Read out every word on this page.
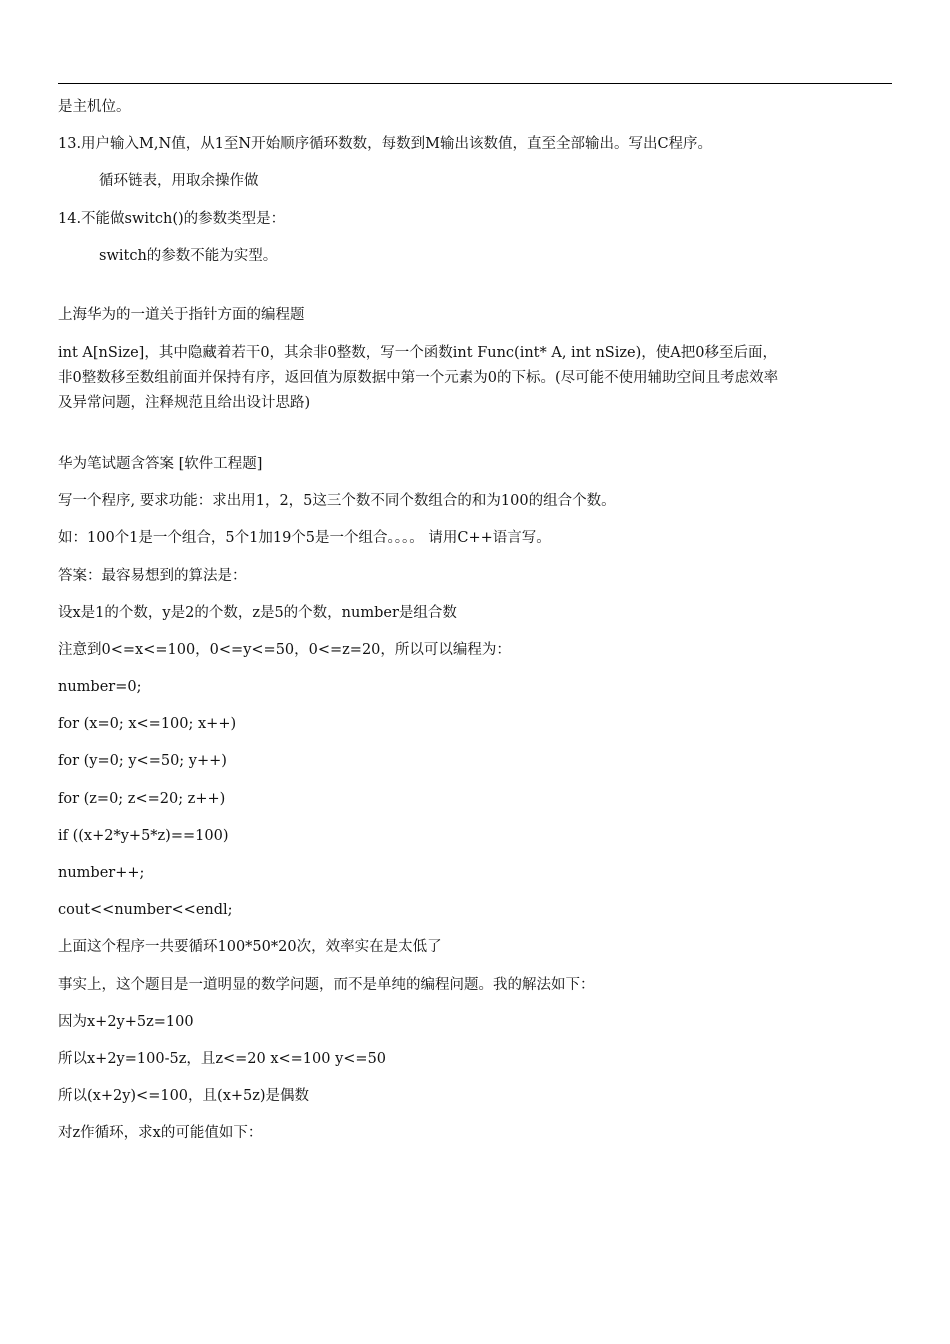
是主机位。
13.用户输入M,N值，从1至N开始顺序循环数数，每数到M输出该数值，直至全部输出。写出C程序。
循环链表，用取余操作做
14.不能做switch()的参数类型是：
switch的参数不能为实型。
上海华为的一道关于指针方面的编程题
int A[nSize]，其中隐藏着若干0，其余非0整数，写一个函数int Func(int* A, int nSize)，使A把0移至后面，
非0整数移至数组前面并保持有序，返回值为原数据中第一个元素为0的下标。(尽可能不使用辅助空间且考虑效率
及异常问题，注释规范且给出设计思路)
华为笔试题含答案 [软件工程题]
写一个程序, 要求功能：求出用1，2，5这三个数不同个数组合的和为100的组合个数。
如：100个1是一个组合，5个1加19个5是一个组合。。。。 请用C++语言写。
答案：最容易想到的算法是：
设x是1的个数，y是2的个数，z是5的个数，number是组合数
注意到0<=x<=100，0<=y<=50，0<=z=20，所以可以编程为：
number=0;
for (x=0; x<=100; x++)
for (y=0; y<=50; y++)
for (z=0; z<=20; z++)
if ((x+2*y+5*z)==100)
number++;
cout<<number<<endl;
上面这个程序一共要循环100*50*20次，效率实在是太低了
事实上，这个题目是一道明显的数学问题，而不是单纯的编程问题。我的解法如下：
因为x+2y+5z=100
所以x+2y=100-5z，且z<=20 x<=100 y<=50
所以(x+2y)<=100，且(x+5z)是偶数
对z作循环，求x的可能值如下：
